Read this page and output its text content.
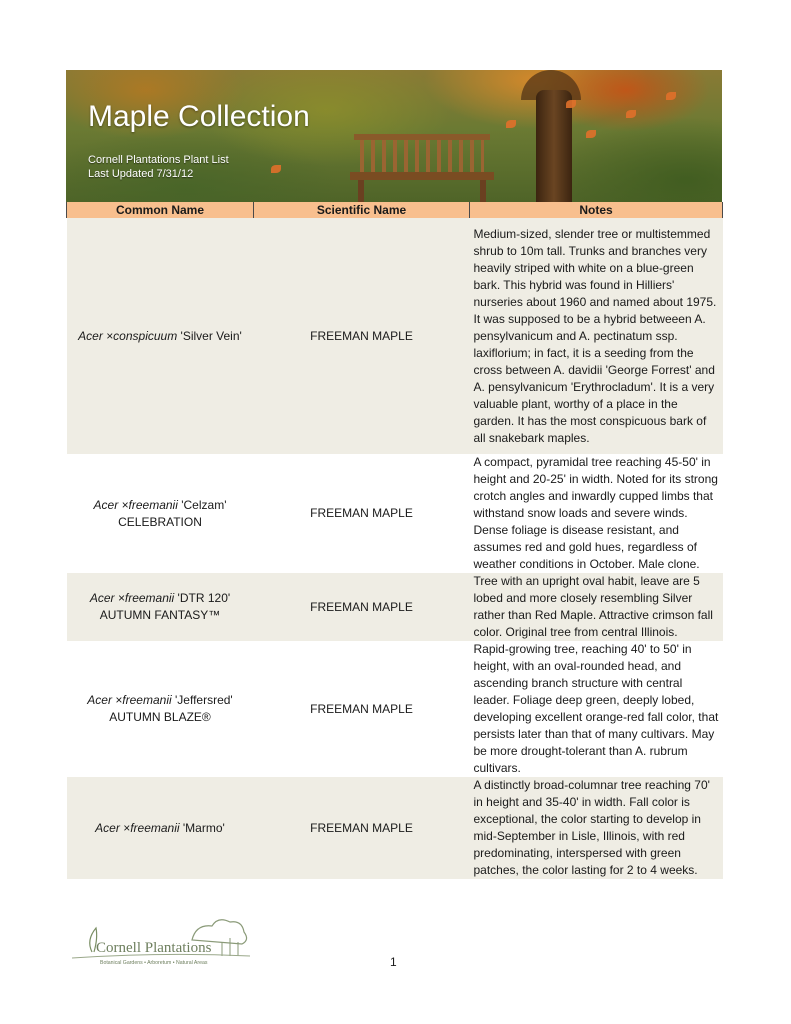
Maple Collection
Cornell Plantations Plant List
Last Updated 7/31/12
Common Name	Scientific Name	Notes
Acer ×conspicuum 'Silver Vein'	FREEMAN MAPLE	Medium-sized, slender tree or multistemmed shrub to 10m tall. Trunks and branches very heavily striped with white on a blue-green bark. This hybrid was found in Hilliers' nurseries about 1960 and named about 1975. It was supposed to be a hybrid betweeen A. pensylvanicum and A. pectinatum ssp. laxiflorium; in fact, it is a seeding from the cross between A. davidii 'George Forrest' and A. pensylvanicum 'Erythrocladum'. It is a very valuable plant, worthy of a place in the garden. It has the most conspicuous bark of all snakebark maples.
Acer ×freemanii 'Celzam'
CELEBRATION	FREEMAN MAPLE	A compact, pyramidal tree reaching 45-50' in height and 20-25' in width. Noted for its strong crotch angles and inwardly cupped limbs that withstand snow loads and severe winds. Dense foliage is disease resistant, and assumes red and gold hues, regardless of weather conditions in October. Male clone.
Acer ×freemanii 'DTR 120'
AUTUMN FANTASY™	FREEMAN MAPLE	Tree with an upright oval habit, leave are 5 lobed and more closely resembling Silver rather than Red Maple. Attractive crimson fall color. Original tree from central Illinois.
Acer ×freemanii 'Jeffersred'
AUTUMN BLAZE®	FREEMAN MAPLE	Rapid-growing tree, reaching 40' to 50' in height, with an oval-rounded head, and ascending branch structure with central leader. Foliage deep green, deeply lobed, developing excellent orange-red fall color, that persists later than that of many cultivars. May be more drought-tolerant than A. rubrum cultivars.
Acer ×freemanii 'Marmo'	FREEMAN MAPLE	A distinctly broad-columnar tree reaching 70' in height and 35-40' in width. Fall color is exceptional, the color starting to develop in mid-September in Lisle, Illinois, with red predominating, interspersed with green patches, the color lasting for 2 to 4 weeks.
Cornell Plantations
Botanical Gardens • Arboretum • Natural Areas	1
